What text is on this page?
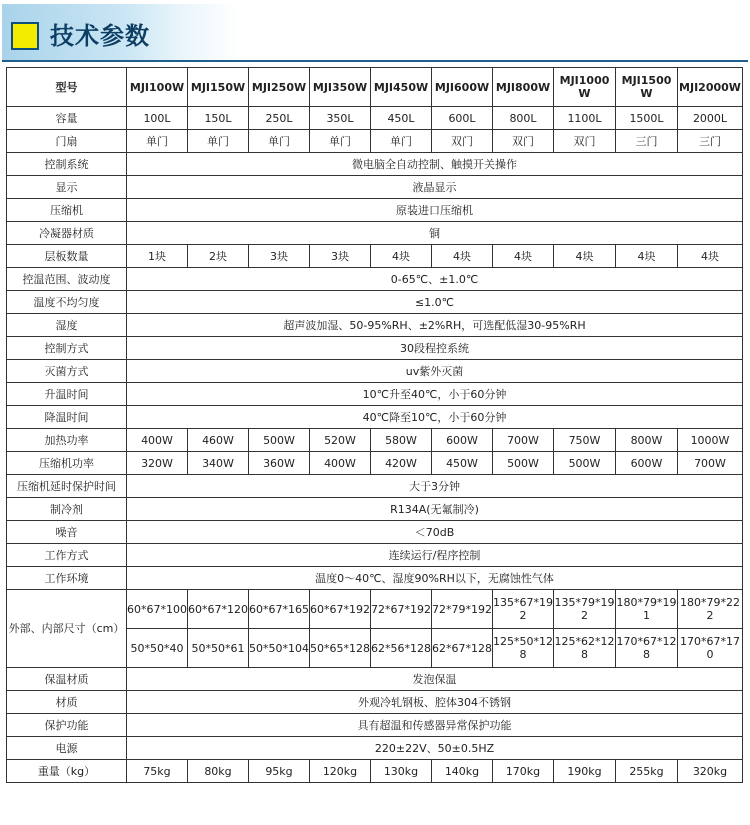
技术参数
型号	MJI100W	MJI150W	MJI250W	MJI350W	MJI450W	MJI600W	MJI800W	MJI1000W	MJI1500W	MJI2000W
容量	100L	150L	250L	350L	450L	600L	800L	1100L	1500L	2000L
门扇	单门	单门	单门	单门	单门	双门	双门	双门	三门	三门
控制系统	微电脑全自动控制、触摸开关操作									
显示	液晶显示									
压缩机	原装进口压缩机									
冷凝器材质	铜									
层板数量	1块	2块	3块	3块	4块	4块	4块	4块	4块	4块
控温范围、波动度	0-65℃、±1.0℃									
温度不均匀度	≤1.0℃									
湿度	超声波加湿、50-95%RH、±2%RH，可选配低湿30-95%RH									
控制方式	30段程控系统									
灭菌方式	uv紫外灭菌									
升温时间	10℃升至40℃，小于60分钟									
降温时间	40℃降至10℃，小于60分钟									
加热功率	400W	460W	500W	520W	580W	600W	700W	750W	800W	1000W
压缩机功率	320W	340W	360W	400W	420W	450W	500W	500W	600W	700W
压缩机延时保护时间	大于3分钟									
制冷剂	R134A(无氟制冷)									
噪音	＜70dB									
工作方式	连续运行/程序控制									
工作环境	温度0～40℃、湿度90%RH以下，无腐蚀性气体									
外部、内部尺寸（cm）	60*67*100	60*67*120	60*67*165	60*67*192	72*67*192	72*79*192	135*67*192	135*79*192	180*79*191	180*79*222
	50*50*40	50*50*61	50*50*104	50*65*128	62*56*128	62*67*128	125*50*128	125*62*128	170*67*128	170*67*170
保温材质	发泡保温									
材质	外观冷轧钢板、腔体304不锈钢									
保护功能	具有超温和传感器异常保护功能									
电源	220±22V、50±0.5HZ									
重量（kg）	75kg	80kg	95kg	120kg	130kg	140kg	170kg	190kg	255kg	320kg
